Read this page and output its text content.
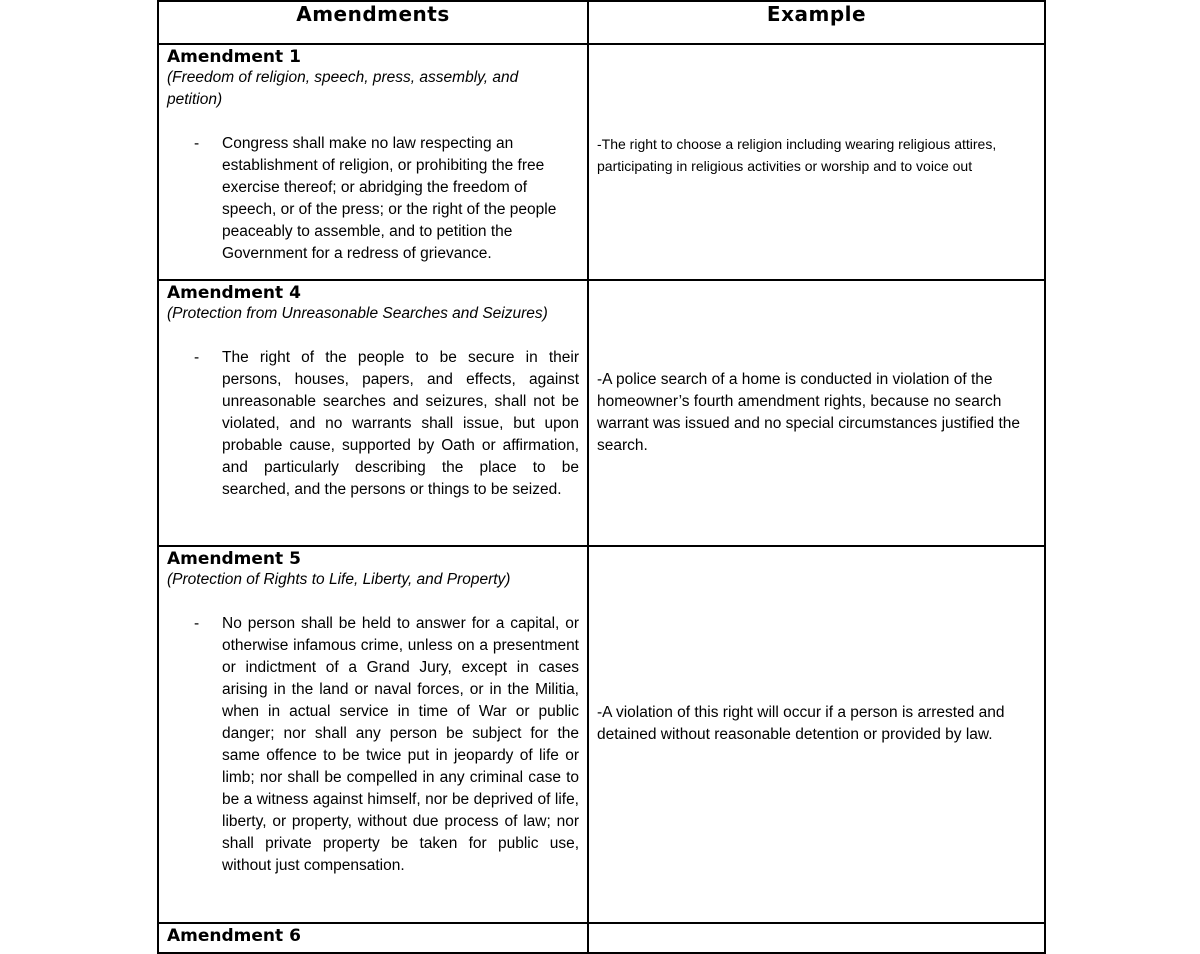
Amendments	Example

Amendment 1
(Freedom of religion, speech, press, assembly, and petition)
- Congress shall make no law respecting an establishment of religion, or prohibiting the free exercise thereof; or abridging the freedom of speech, or of the press; or the right of the people peaceably to assemble, and to petition the Government for a redress of grievance.	-The right to choose a religion including wearing religious attires, participating in religious activities or worship and to voice out

Amendment 4
(Protection from Unreasonable Searches and Seizures)
- The right of the people to be secure in their persons, houses, papers, and effects, against unreasonable searches and seizures, shall not be violated, and no warrants shall issue, but upon probable cause, supported by Oath or affirmation, and particularly describing the place to be searched, and the persons or things to be seized.	-A police search of a home is conducted in violation of the homeowner’s fourth amendment rights, because no search warrant was issued and no special circumstances justified the search.

Amendment 5
(Protection of Rights to Life, Liberty, and Property)
- No person shall be held to answer for a capital, or otherwise infamous crime, unless on a presentment or indictment of a Grand Jury, except in cases arising in the land or naval forces, or in the Militia, when in actual service in time of War or public danger; nor shall any person be subject for the same offence to be twice put in jeopardy of life or limb; nor shall be compelled in any criminal case to be a witness against himself, nor be deprived of life, liberty, or property, without due process of law; nor shall private property be taken for public use, without just compensation.	-A violation of this right will occur if a person is arrested and detained without reasonable detention or provided by law.

Amendment 6	
